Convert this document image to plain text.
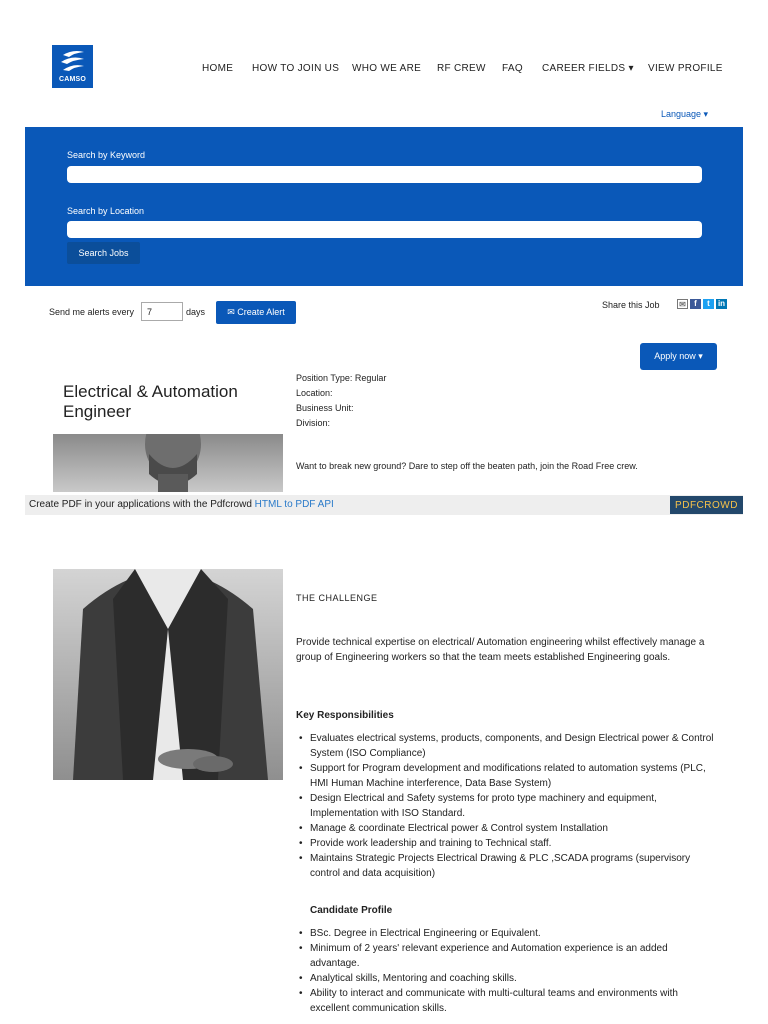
CAMSO
HOME HOW TO JOIN US WHO WE ARE RF CREW FAQ CAREER FIELDS ▾ VIEW PROFILE
Language ▾
Search by Keyword
Search by Location
Search Jobs
Send me alerts every
7	days	✉ Create Alert
Share this Job ✉	f	t	in
Apply now ▾
Electrical & Automation Engineer
Position Type: Regular
Location:
Business Unit:
Division:
Want to break new ground? Dare to step off the beaten path, join the Road Free crew.
Create PDF in your applications with the Pdfcrowd HTML to PDF API	PDFCROWD
THE CHALLENGE

Provide technical expertise on electrical/ Automation engineering whilst effectively manage a group of Engineering workers so that the team meets established Engineering goals.

Key Responsibilities
• Evaluates electrical systems, products, components, and Design Electrical power & Control System (ISO Compliance)
• Support for Program development and modifications related to automation systems (PLC, HMI Human Machine interference, Data Base System)
• Design Electrical and Safety systems for proto type machinery and equipment, Implementation with ISO Standard.
• Manage & coordinate Electrical power & Control system Installation
• Provide work leadership and training to Technical staff.
• Maintains Strategic Projects Electrical Drawing & PLC ,SCADA programs (supervisory control and data acquisition)
Candidate Profile
• BSc. Degree in Electrical Engineering or Equivalent.
• Minimum of 2 years' relevant experience and Automation experience is an added advantage.
• Analytical skills, Mentoring and coaching skills.
• Ability to interact and communicate with multi-cultural teams and environments with excellent communication skills.
